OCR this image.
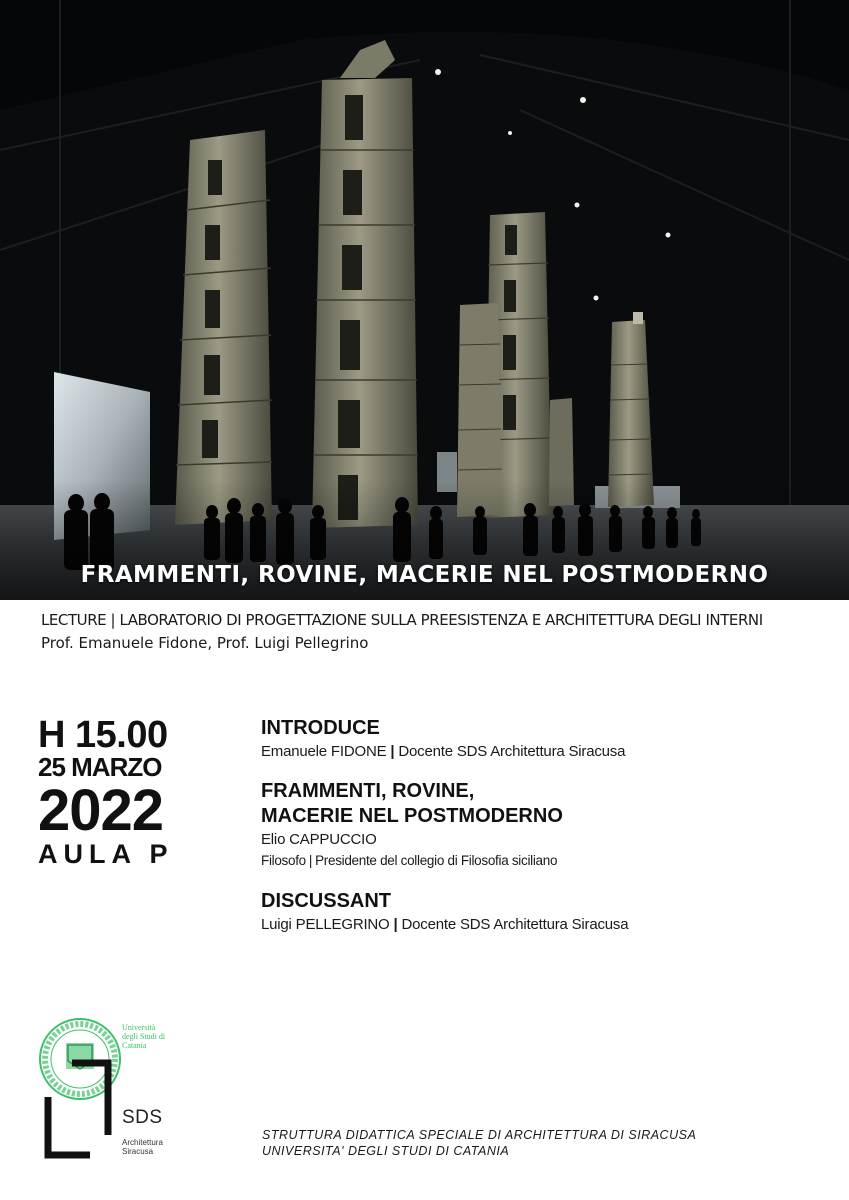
FRAMMENTI, ROVINE, MACERIE NEL POSTMODERNO
LECTURE | LABORATORIO DI PROGETTAZIONE SULLA PREESISTENZA E ARCHITETTURA DEGLI INTERNI
Prof. Emanuele Fidone, Prof. Luigi Pellegrino
H 15.00
25 MARZO
2022
AULA P
INTRODUCE
Emanuele FIDONE | Docente SDS Architettura Siracusa
FRAMMENTI, ROVINE,
MACERIE NEL POSTMODERNO
Elio CAPPUCCIO
Filosofo | Presidente del collegio di Filosofia siciliano
DISCUSSANT
Luigi PELLEGRINO | Docente SDS Architettura Siracusa
Università
degli Studi di
Catania
SDS
Architettura
Siracusa
STRUTTURA DIDATTICA SPECIALE DI ARCHITETTURA DI SIRACUSA
UNIVERSITA' DEGLI STUDI DI CATANIA
